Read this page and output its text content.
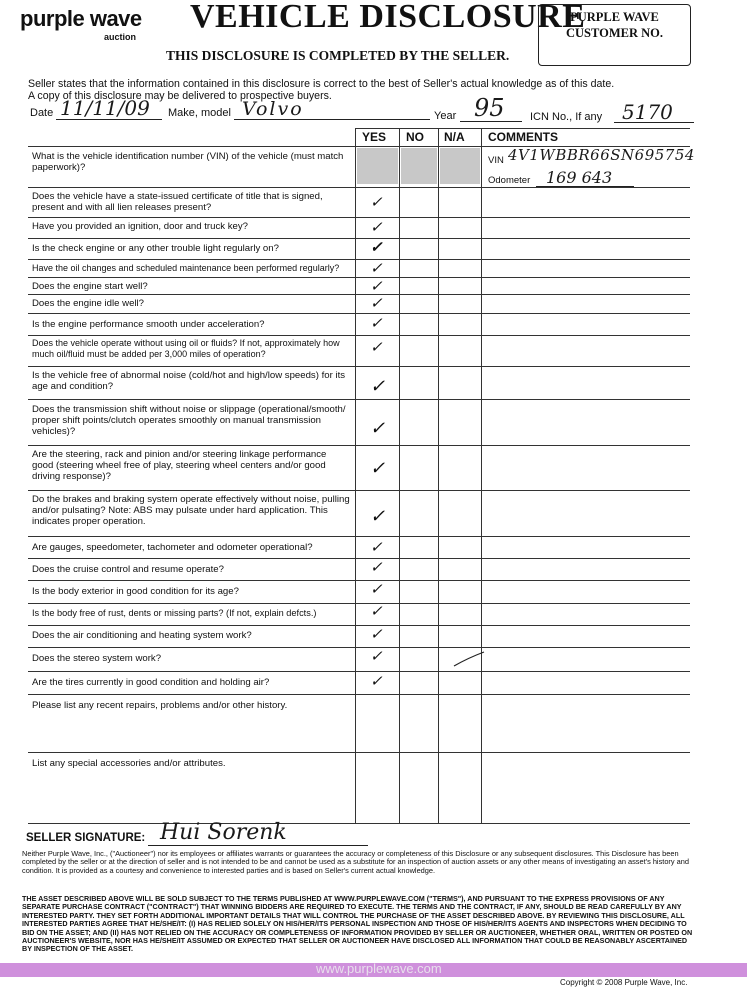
purple wave
auction
VEHICLE DISCLOSURE
THIS DISCLOSURE IS COMPLETED BY THE SELLER.
PURPLE WAVE
CUSTOMER NO.
Seller states that the information contained in this disclosure is correct to the best of Seller's actual knowledge as of this date.
A copy of this disclosure may be delivered to prospective buyers.
Date 11/11/09 Make, model Volvo	Year 95 ICN No., If any 5170
YES NO N/A COMMENTS
What is the vehicle identification number (VIN) of the vehicle (must match paperwork)?
VIN 4V1WBBR66SN695754
Odometer 169 643
Does the vehicle have a state-issued certificate of title that is signed, present and with all lien releases present?	✓
Have you provided an ignition, door and truck key?	✓
Is the check engine or any other trouble light regularly on?	✓
Have the oil changes and scheduled maintenance been performed regularly?	✓
Does the engine start well?	✓
Does the engine idle well?	✓
Is the engine performance smooth under acceleration?	✓
Does the vehicle operate without using oil or fluids? If not, approximately how much oil/fluid must be added per 3,000 miles of operation?	✓
Is the vehicle free of abnormal noise (cold/hot and high/low speeds) for its age and condition?	✓
Does the transmission shift without noise or slippage (operational/smooth/ proper shift points/clutch operates smoothly on manual transmission vehicles)?	✓
Are the steering, rack and pinion and/or steering linkage performance good (steering wheel free of play, steering wheel centers and/or good driving response)?	✓
Do the brakes and braking system operate effectively without noise, pulling and/or pulsating? Note: ABS may pulsate under hard application. This indicates proper operation.	✓
Are gauges, speedometer, tachometer and odometer operational?	✓
Does the cruise control and resume operate?	✓
Is the body exterior in good condition for its age?	✓
Is the body free of rust, dents or missing parts? (If not, explain defcts.)	✓
Does the air conditioning and heating system work?	✓
Does the stereo system work?	✓
Are the tires currently in good condition and holding air?	✓
Please list any recent repairs, problems and/or other history.
List any special accessories and/or attributes.
SELLER SIGNATURE: Hui Sorenk
Neither Purple Wave, Inc., ("Auctioneer") nor its employees or affiliates warrants or guarantees the accuracy or completeness of this Disclosure or any subsequent disclosures. This Disclosure has been completed by the seller or at the direction of seller and is not intended to be and cannot be used as a substitute for an inspection of auction assets or any other means of investigating an asset's history and condition. It is provided as a courtesy and convenience to interested parties and is based on Seller's current actual knowledge.
THE ASSET DESCRIBED ABOVE WILL BE SOLD SUBJECT TO THE TERMS PUBLISHED AT WWW.PURPLEWAVE.COM ("TERMS"), AND PURSUANT TO THE EXPRESS PROVISIONS OF ANY SEPARATE PURCHASE CONTRACT ("CONTRACT") THAT WINNING BIDDERS ARE REQUIRED TO EXECUTE. THE TERMS AND THE CONTRACT, IF ANY, SHOULD BE READ CAREFULLY BY ANY INTERESTED PARTY. THEY SET FORTH ADDITIONAL IMPORTANT DETAILS THAT WILL CONTROL THE PURCHASE OF THE ASSET DESCRIBED ABOVE. BY REVIEWING THIS DISCLOSURE, ALL INTERESTED PARTIES AGREE THAT HE/SHE/IT: (I) HAS RELIED SOLELY ON HIS/HER/ITS PERSONAL INSPECTION AND THOSE OF HIS/HER/ITS AGENTS AND INSPECTORS WHEN DECIDING TO BID ON THE ASSET; AND (II) HAS NOT RELIED ON THE ACCURACY OR COMPLETENESS OF INFORMATION PROVIDED BY SELLER OR AUCTIONEER, WHETHER ORAL, WRITTEN OR POSTED ON AUCTIONEER'S WEBSITE, NOR HAS HE/SHE/IT ASSUMED OR EXPECTED THAT SELLER OR AUCTIONEER HAVE DISCLOSED ALL INFORMATION THAT COULD BE REASONABLY ASCERTAINED BY INSPECTION OF THE ASSET.
www.purplewave.com
Copyright © 2008 Purple Wave, Inc.
